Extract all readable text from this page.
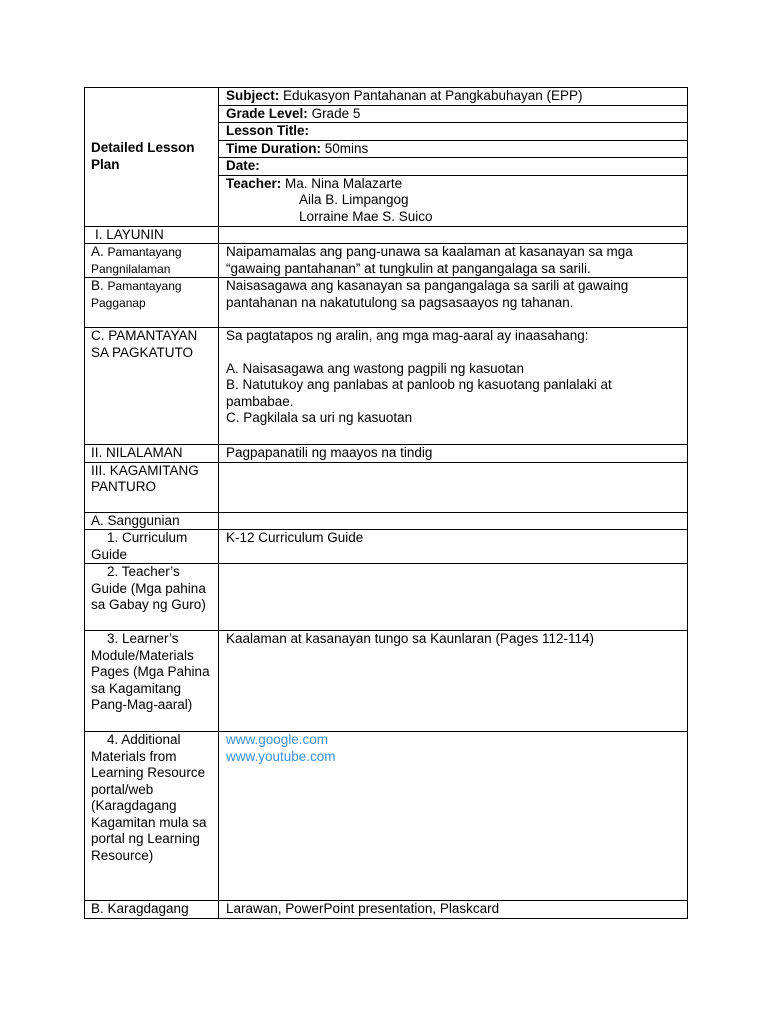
Detailed Lesson Plan	Subject: Edukasyon Pantahanan at Pangkabuhayan (EPP)
	Grade Level: Grade 5
	Lesson Title:
	Time Duration: 50mins
	Date:

	Teacher: Ma. Nina Malazarte
Aila B. Limpangog
Lorraine Mae S. Suico

I. LAYUNIN	
A. Pamantayang Pangnilalaman	Naipamamalas ang pang-unawa sa kaalaman at kasanayan sa mga “gawaing pantahanan” at tungkulin at pangangalaga sa sarili.
B. Pamantayang Pagganap	Naisasagawa ang kasanayan sa pangangalaga sa sarili at gawaing pantahanan na nakatutulong sa pagsasaayos ng tahanan.
C. PAMANTAYAN SA PAGKATUTO	Sa pagtatapos ng aralin, ang mga mag-aaral ay inaasahang:
A. Naisasagawa ang wastong pagpili ng kasuotan
B. Natutukoy ang panlabas at panloob ng kasuotang panlalaki at pambabae.
C. Pagkilala sa uri ng kasuotan

II. NILALAMAN	Pagpapanatili ng maayos na tindig
III. KAGAMITANG PANTURO	
A. Sanggunian	
1. Curriculum Guide	K-12 Curriculum Guide
2. Teacher’s Guide (Mga pahina sa Gabay ng Guro)	
3. Learner’s Module/Materials Pages (Mga Pahina sa Kagamitang Pang-Mag-aaral)	Kaalaman at kasanayan tungo sa Kaunlaran (Pages 112-114)
4. Additional Materials from Learning Resource portal/web (Karagdagang Kagamitan mula sa portal ng Learning Resource)	www.google.com
www.youtube.com

B. Karagdagang	Larawan, PowerPoint presentation, Plaskcard
